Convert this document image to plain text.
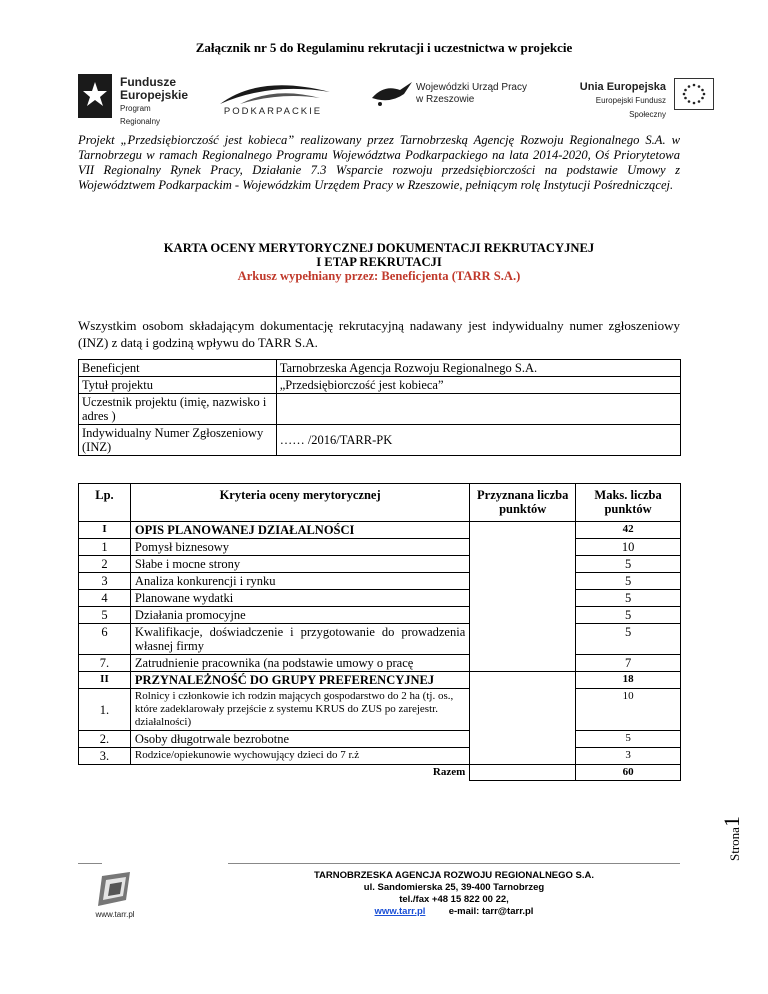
Załącznik nr 5 do Regulaminu rekrutacji i uczestnictwa w projekcie
Fundusze
Europejskie
Program Regionalny
PODKARPACKIE
Wojewódzki Urząd Pracy
w Rzeszowie
Unia Europejska
Europejski Fundusz Społeczny
Projekt „Przedsiębiorczość jest kobieca” realizowany przez Tarnobrzeską Agencję Rozwoju Regionalnego S.A. w Tarnobrzegu w ramach Regionalnego Programu Województwa Podkarpackiego na lata 2014-2020, Oś Priorytetowa VII Regionalny Rynek Pracy, Działanie 7.3 Wsparcie rozwoju przedsiębiorczości na podstawie Umowy z Województwem Podkarpackim - Wojewódzkim Urzędem Pracy w Rzeszowie, pełniącym rolę Instytucji Pośredniczącej.
KARTA OCENY MERYTORYCZNEJ DOKUMENTACJI REKRUTACYJNEJ
I ETAP REKRUTACJI
Arkusz wypełniany przez: Beneficjenta (TARR S.A.)
Wszystkim osobom składającym dokumentację rekrutacyjną nadawany jest indywidualny numer zgłoszeniowy (INZ) z datą i godziną wpływu do TARR S.A.
Beneficjent	Tarnobrzeska Agencja Rozwoju Regionalnego S.A.
Tytuł projektu	„Przedsiębiorczość jest kobieca”
Uczestnik projektu (imię, nazwisko i adres )	
Indywidualny Numer Zgłoszeniowy (INZ)	…… /2016/TARR-PK
Lp.	Kryteria oceny merytorycznej	Przyznana liczba punktów	Maks. liczba punktów
I	OPIS PLANOWANEJ DZIAŁALNOŚCI		42
1	Pomysł biznesowy		10
2	Słabe i mocne strony		5
3	Analiza konkurencji i rynku		5
4	Planowane wydatki		5
5	Działania promocyjne		5
6	Kwalifikacje, doświadczenie i przygotowanie do prowadzenia własnej firmy		5
7.	Zatrudnienie pracownika (na podstawie umowy o pracę		7
II	PRZYNALEŻNOŚĆ DO GRUPY PREFERENCYJNEJ		18
1.	Rolnicy i członkowie ich rodzin mających gospodarstwo do 2 ha (tj. os., które zadeklarowały przejście z systemu KRUS do ZUS po zarejestr. działalności)		10
2.	Osoby długotrwale bezrobotne		5
3.	Rodzice/opiekunowie wychowujący dzieci do 7 r.ż		3
Razem			60
Strona1
www.tarr.pl
TARNOBRZESKA AGENCJA ROZWOJU REGIONALNEGO S.A.
ul. Sandomierska 25, 39-400 Tarnobrzeg
tel./fax +48 15 822 00 22,
www.tarr.pl e-mail: tarr@tarr.pl
